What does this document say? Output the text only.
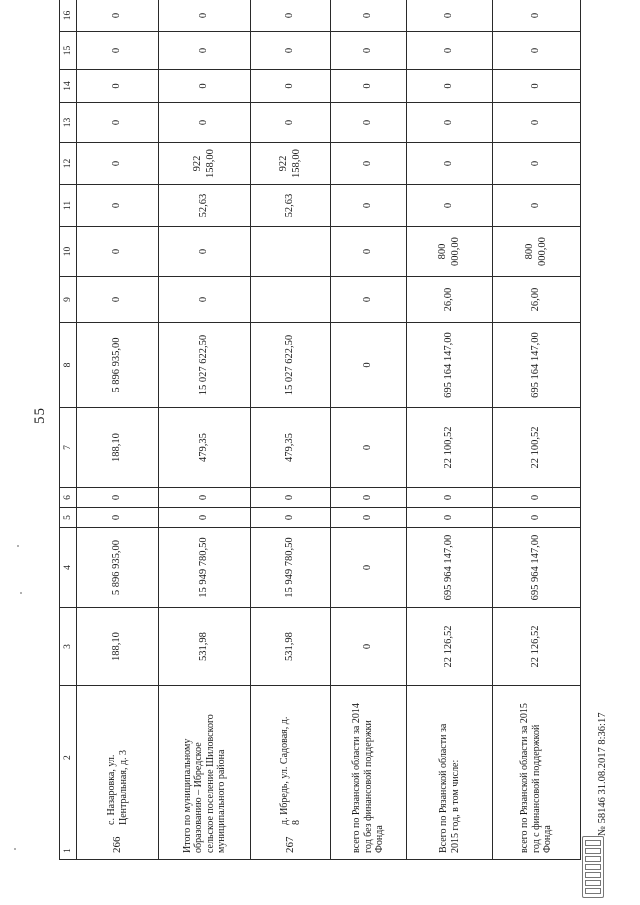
55
1 2	3	4	5	6	7	8	9	10	11	12	13	14	15	16
266с. Назаровка, ул. Центральная, д. 3	188,10	5 896 935,00	0	0	188,10	5 896 935,00	0	0	0	0	0	0	0	0
Итого по муниципальному образованию – Ибредское сельское поселение Шиловского муниципального района	531,98	15 949 780,50	0	0	479,35	15 027 622,50	0	0	52,63	922 158,00	0	0	0	0
267д. Ибредь, ул. Садовая, д. 8	531,98	15 949 780,50	0	0	479,35	15 027 622,50			52,63	922 158,00	0	0	0	0
всего по Рязанской области за 2014 год без финансовой поддержки Фонда	0	0	0	0	0	0	0	0	0	0	0	0	0	0
Всего по Рязанской области за 2015 год, в том числе:	22 126,52	695 964 147,00	0	0	22 100,52	695 164 147,00	26,00	800 000,00	0	0	0	0	0	0
всего по Рязанской области за 2015 год с финансовой поддержкой Фонда	22 126,52	695 964 147,00	0	0	22 100,52	695 164 147,00	26,00	800 000,00	0	0	0	0	0	0
№ 58146 31.08.2017 8:36:17
